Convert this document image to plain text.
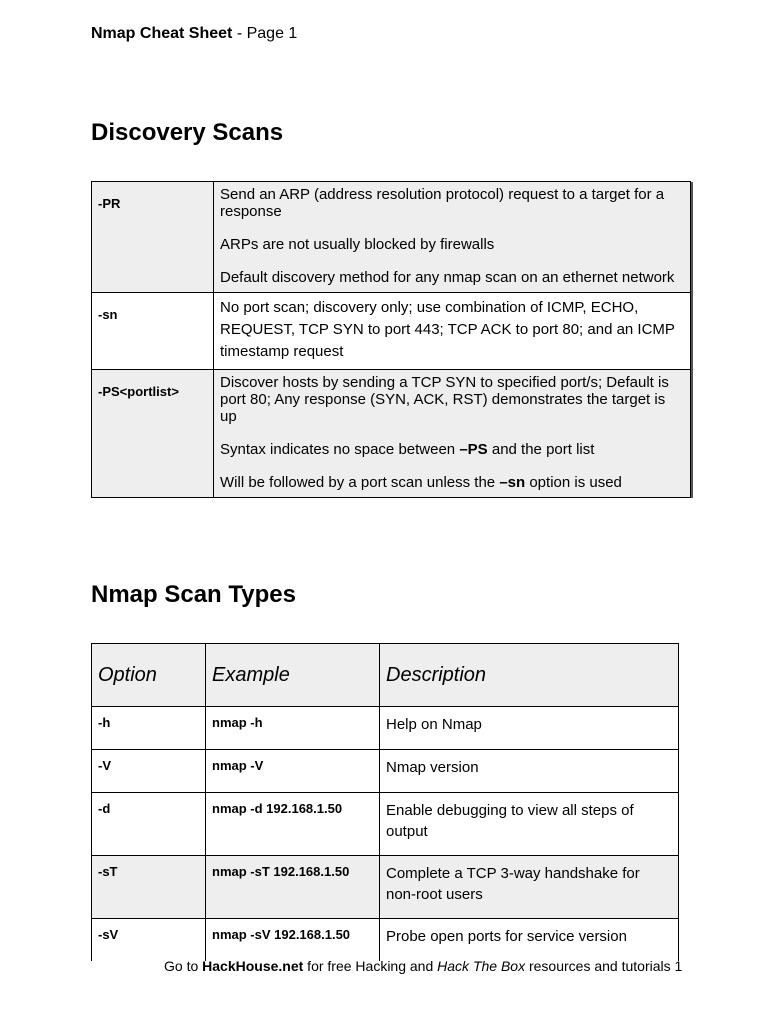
Nmap Cheat Sheet - Page 1
Discovery Scans
-PR	Send an ARP (address resolution protocol) request to a target for a response

ARPs are not usually blocked by firewalls

Default discovery method for any nmap scan on an ethernet network

-sn	No port scan; discovery only; use combination of ICMP, ECHO, REQUEST, TCP SYN to port 443; TCP ACK to port 80; and an ICMP timestamp request

-PS<portlist>	Discover hosts by sending a TCP SYN to specified port/s; Default is port 80; Any response (SYN, ACK, RST) demonstrates the target is up

Syntax indicates no space between –PS and the port list

Will be followed by a port scan unless the –sn option is used

Nmap Scan Types
Option	Example	Description
-h	nmap -h	Help on Nmap
-V	nmap -V	Nmap version
-d	nmap -d 192.168.1.50	Enable debugging to view all steps of output
-sT	nmap -sT 192.168.1.50	Complete a TCP 3-way handshake for non-root users
-sV	nmap -sV 192.168.1.50	Probe open ports for service version
Go to HackHouse.net for free Hacking and Hack The Box resources and tutorials 1
